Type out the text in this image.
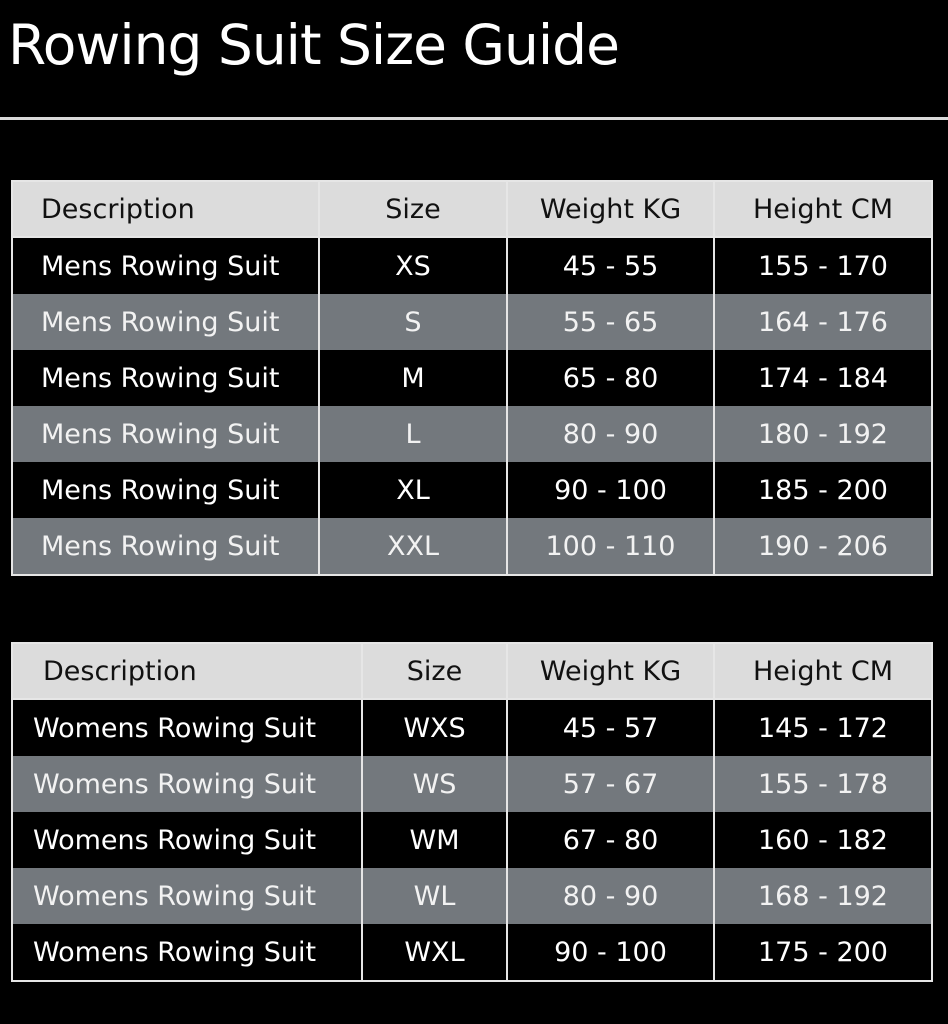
Rowing Suit Size Guide
Description	Size	Weight KG	Height CM
Mens Rowing Suit	XS	45 - 55	155 - 170
Mens Rowing Suit	S	55 - 65	164 - 176
Mens Rowing Suit	M	65 - 80	174 - 184
Mens Rowing Suit	L	80 - 90	180 - 192
Mens Rowing Suit	XL	90 - 100	185 - 200
Mens Rowing Suit	XXL	100 - 110	190 - 206
Description	Size	Weight KG	Height CM
Womens Rowing Suit	WXS	45 - 57	145 - 172
Womens Rowing Suit	WS	57 - 67	155 - 178
Womens Rowing Suit	WM	67 - 80	160 - 182
Womens Rowing Suit	WL	80 - 90	168 - 192
Womens Rowing Suit	WXL	90 - 100	175 - 200
